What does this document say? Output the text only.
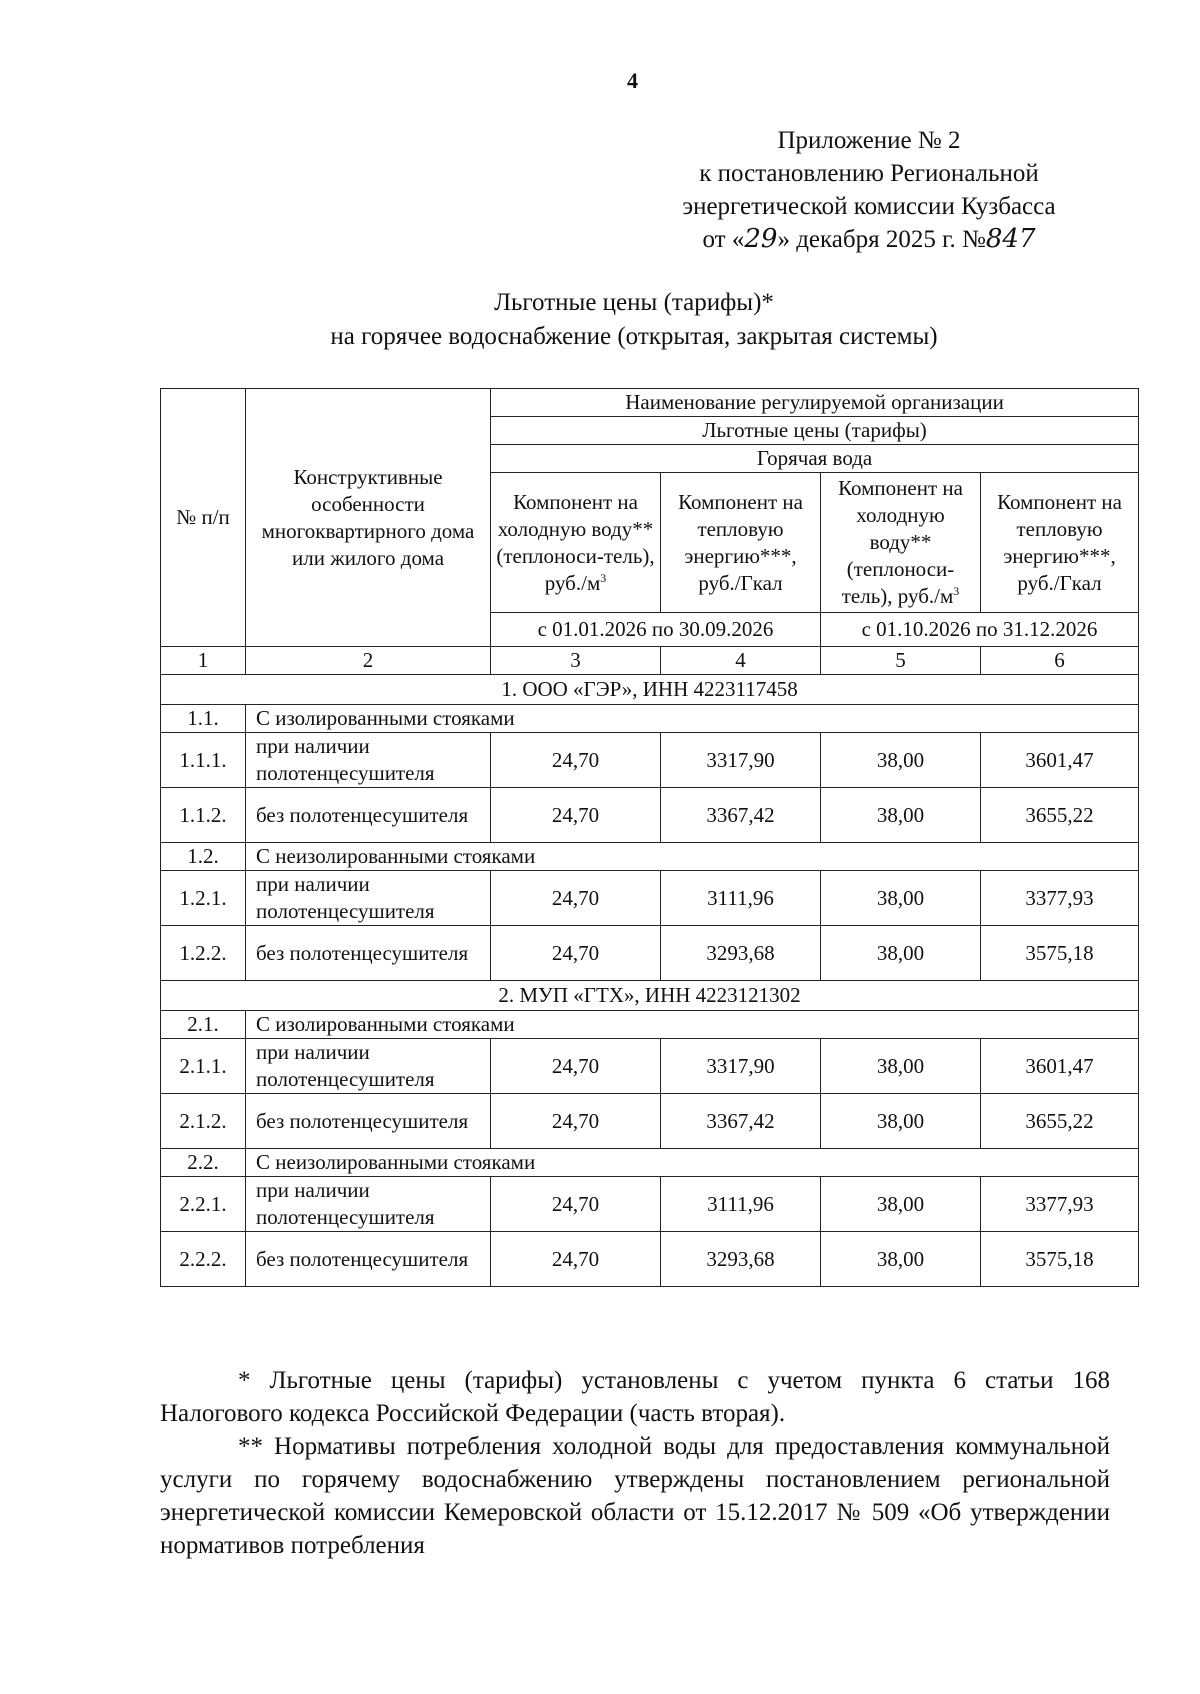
4
Приложение № 2
к постановлению Региональной
энергетической комиссии Кузбасса
от «29» декабря 2025 г. №847
Льготные цены (тарифы)*
на горячее водоснабжение (открытая, закрытая системы)
№ п/п	Конструктивные особенности многоквартирного дома или жилого дома	Наименование регулируемой организации			
		Льготные цены (тарифы)			
		Горячая вода			
		Компонент на холодную воду** (теплоноси-тель), $руб./м^3$	Компонент на тепловую энергию***, руб./Гкал	Компонент на холодную воду** (теплоноси-тель), $руб./м^3$	Компонент на тепловую энергию***, руб./Гкал
		с 01.01.2026 по 30.09.2026		с 01.10.2026 по 31.12.2026	
1	2	3	4	5	6
1. ООО «ГЭР», ИНН 4223117458					
1.1.	С изолированными стояками				
1.1.1.	при наличии полотенцесушителя	24,70	3317,90	38,00	3601,47
1.1.2.	без полотенцесушителя	24,70	3367,42	38,00	3655,22
1.2.	С неизолированными стояками				
1.2.1.	при наличии полотенцесушителя	24,70	3111,96	38,00	3377,93
1.2.2.	без полотенцесушителя	24,70	3293,68	38,00	3575,18
2. МУП «ГТХ», ИНН 4223121302					
2.1.	С изолированными стояками				
2.1.1.	при наличии полотенцесушителя	24,70	3317,90	38,00	3601,47
2.1.2.	без полотенцесушителя	24,70	3367,42	38,00	3655,22
2.2.	С неизолированными стояками				
2.2.1.	при наличии полотенцесушителя	24,70	3111,96	38,00	3377,93
2.2.2.	без полотенцесушителя	24,70	3293,68	38,00	3575,18

* Льготные цены (тарифы) установлены с учетом пункта 6 статьи 168 Налогового кодекса Российской Федерации (часть вторая).

** Нормативы потребления холодной воды для предоставления коммунальной услуги по горячему водоснабжению утверждены постановлением региональной энергетической комиссии Кемеровской области от 15.12.2017 № 509 «Об утверждении нормативов потребления
